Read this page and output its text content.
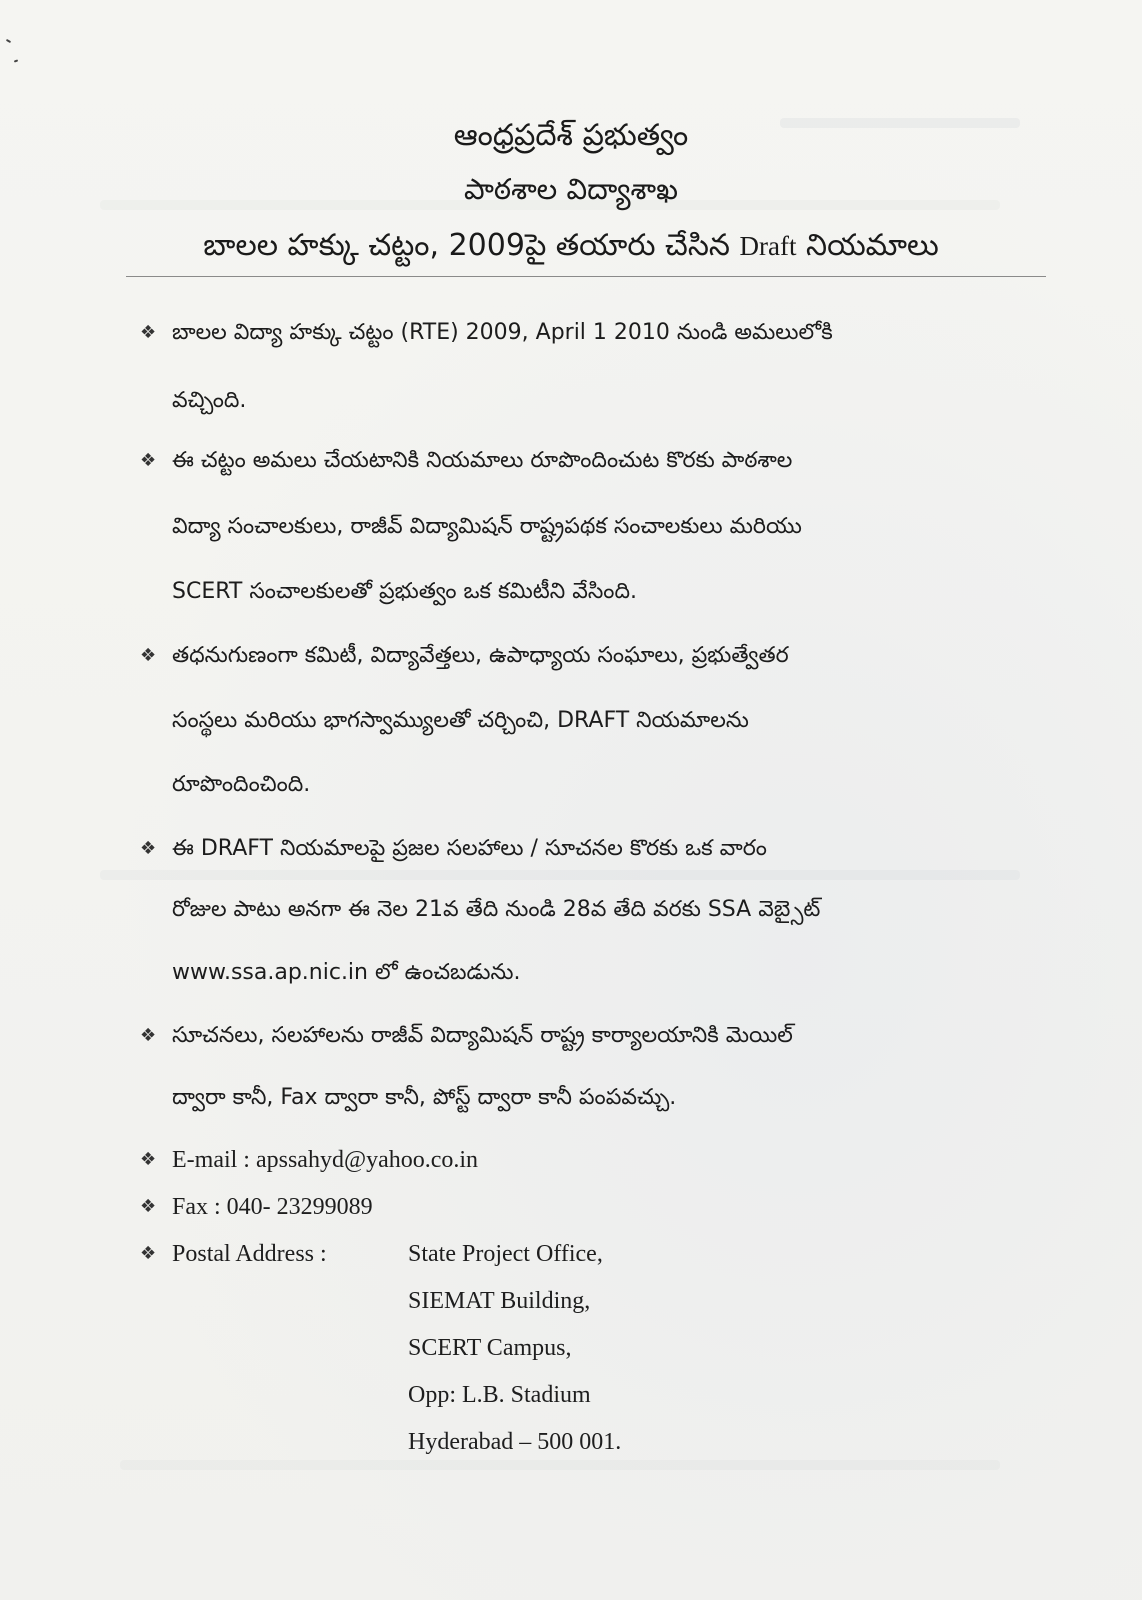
ఆంధ్రప్రదేశ్ ప్రభుత్వం
పాఠశాల విద్యాశాఖ
బాలల హక్కు చట్టం, 2009పై తయారు చేసిన Draft నియమాలు
❖ బాలల విద్యా హక్కు చట్టం (RTE) 2009, April 1 2010 నుండి అమలులోకి
వచ్చింది.
❖ ఈ చట్టం అమలు చేయటానికి నియమాలు రూపొందించుట కొరకు పాఠశాల
విద్యా సంచాలకులు, రాజీవ్ విద్యామిషన్ రాష్ట్రపథక సంచాలకులు మరియు
SCERT సంచాలకులతో ప్రభుత్వం ఒక కమిటీని వేసింది.
❖ తధనుగుణంగా కమిటీ, విద్యావేత్తలు, ఉపాధ్యాయ సంఘాలు, ప్రభుత్వేతర
సంస్థలు మరియు భాగస్వామ్యులతో చర్చించి, DRAFT నియమాలను
రూపొందించింది.
❖ ఈ DRAFT నియమాలపై ప్రజల సలహాలు / సూచనల కొరకు ఒక వారం
రోజుల పాటు అనగా ఈ నెల 21వ తేది నుండి 28వ తేది వరకు SSA వెబ్సైట్
www.ssa.ap.nic.in లో ఉంచబడును.
❖ సూచనలు, సలహాలను రాజీవ్ విద్యామిషన్ రాష్ట్ర కార్యాలయానికి మెయిల్
ద్వారా కానీ, Fax ద్వారా కానీ, పోస్ట్ ద్వారా కానీ పంపవచ్చు.
❖ E-mail : apssahyd@yahoo.co.in
❖ Fax : 040- 23299089
❖ Postal Address :	State Project Office,
SIEMAT Building,
SCERT Campus,
Opp: L.B. Stadium
Hyderabad – 500 001.
